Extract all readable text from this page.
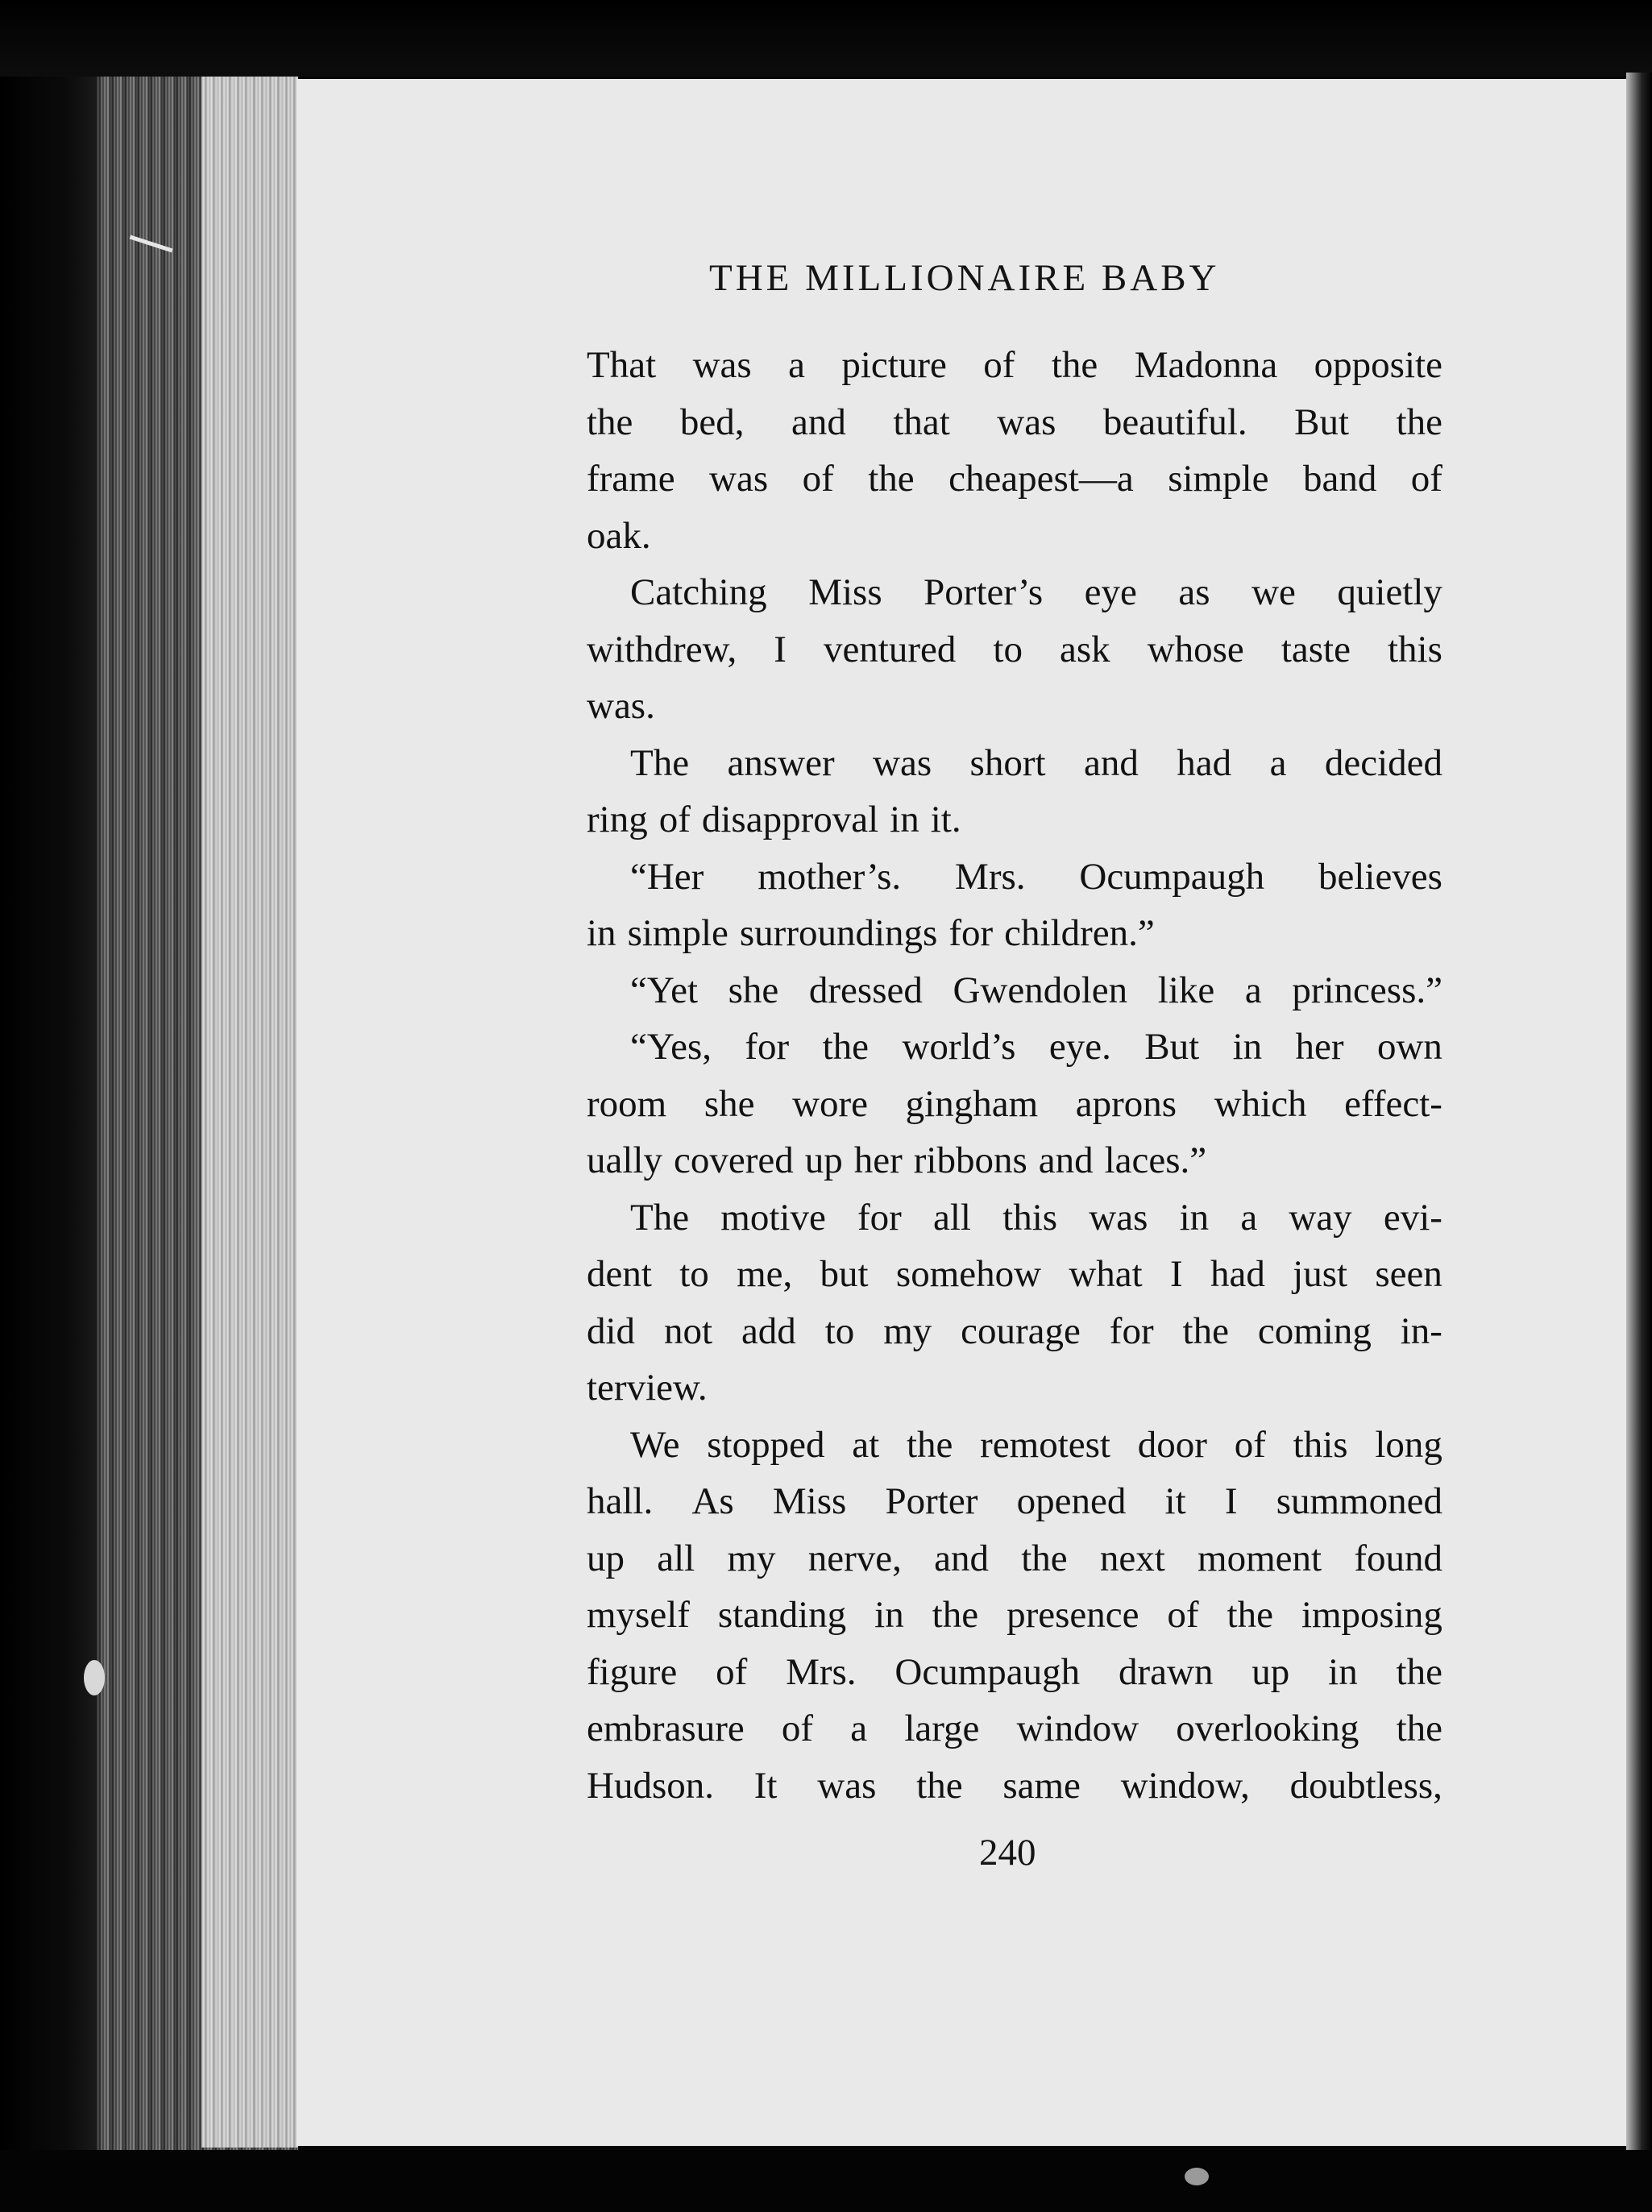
THE MILLIONAIRE BABY
That was a picture of the Madonna opposite
the bed, and that was beautiful. But the
frame was of the cheapest—a simple band of
oak.
Catching Miss Porter’s eye as we quietly
withdrew, I ventured to ask whose taste this
was.
The answer was short and had a decided
ring of disapproval in it.
“Her mother’s. Mrs. Ocumpaugh believes
in simple surroundings for children.”
“Yet she dressed Gwendolen like a princess.”
“Yes, for the world’s eye. But in her own
room she wore gingham aprons which effect-
ually covered up her ribbons and laces.”
The motive for all this was in a way evi-
dent to me, but somehow what I had just seen
did not add to my courage for the coming in-
terview.
We stopped at the remotest door of this long
hall. As Miss Porter opened it I summoned
up all my nerve, and the next moment found
myself standing in the presence of the imposing
figure of Mrs. Ocumpaugh drawn up in the
embrasure of a large window overlooking the
Hudson. It was the same window, doubtless,
240
